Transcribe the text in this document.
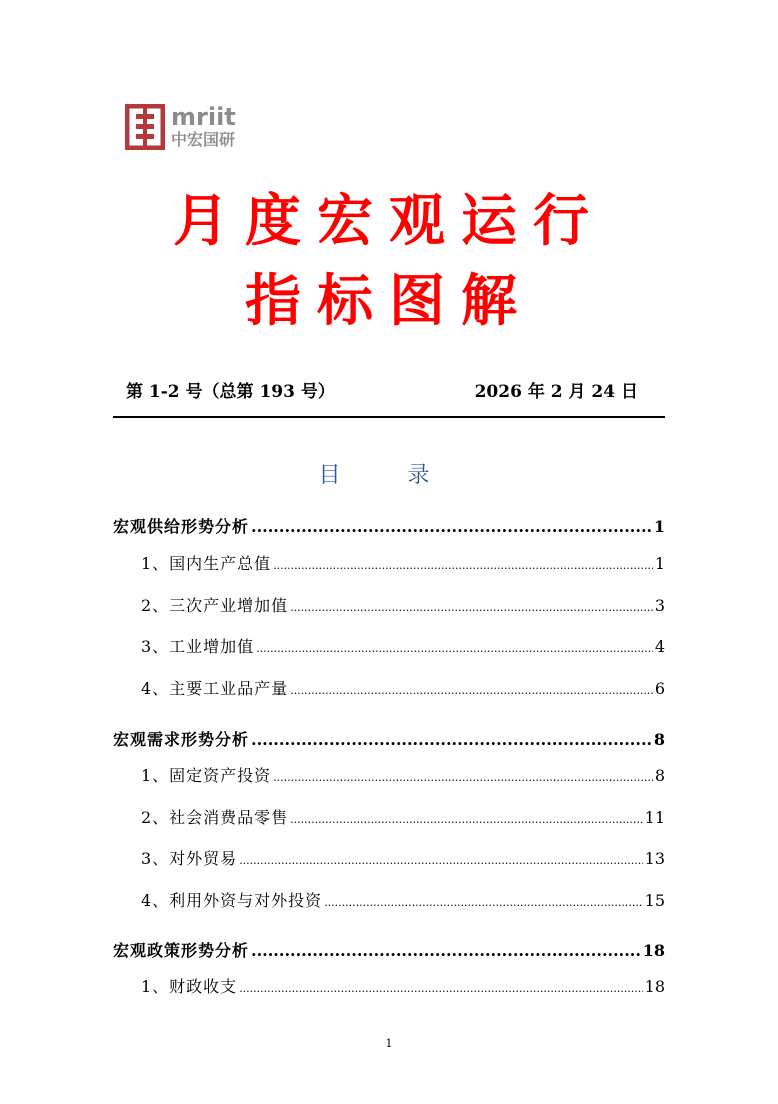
mriit
中宏国研
月度宏观运行
指标图解
第 1-2 号（总第 193 号）	2026 年 2 月 24 日
目 录
宏观供给形势分析 .....	1
1、国内生产总值 .....	1
2、三次产业增加值 .....	3
3、工业增加值 .....	4
4、主要工业品产量 .....	6
宏观需求形势分析 .....	8
1、固定资产投资 .....	8
2、社会消费品零售 .....	11
3、对外贸易 .....	13
4、利用外资与对外投资 .....	15
宏观政策形势分析 .....	18
1、财政收支 .....	18
1
